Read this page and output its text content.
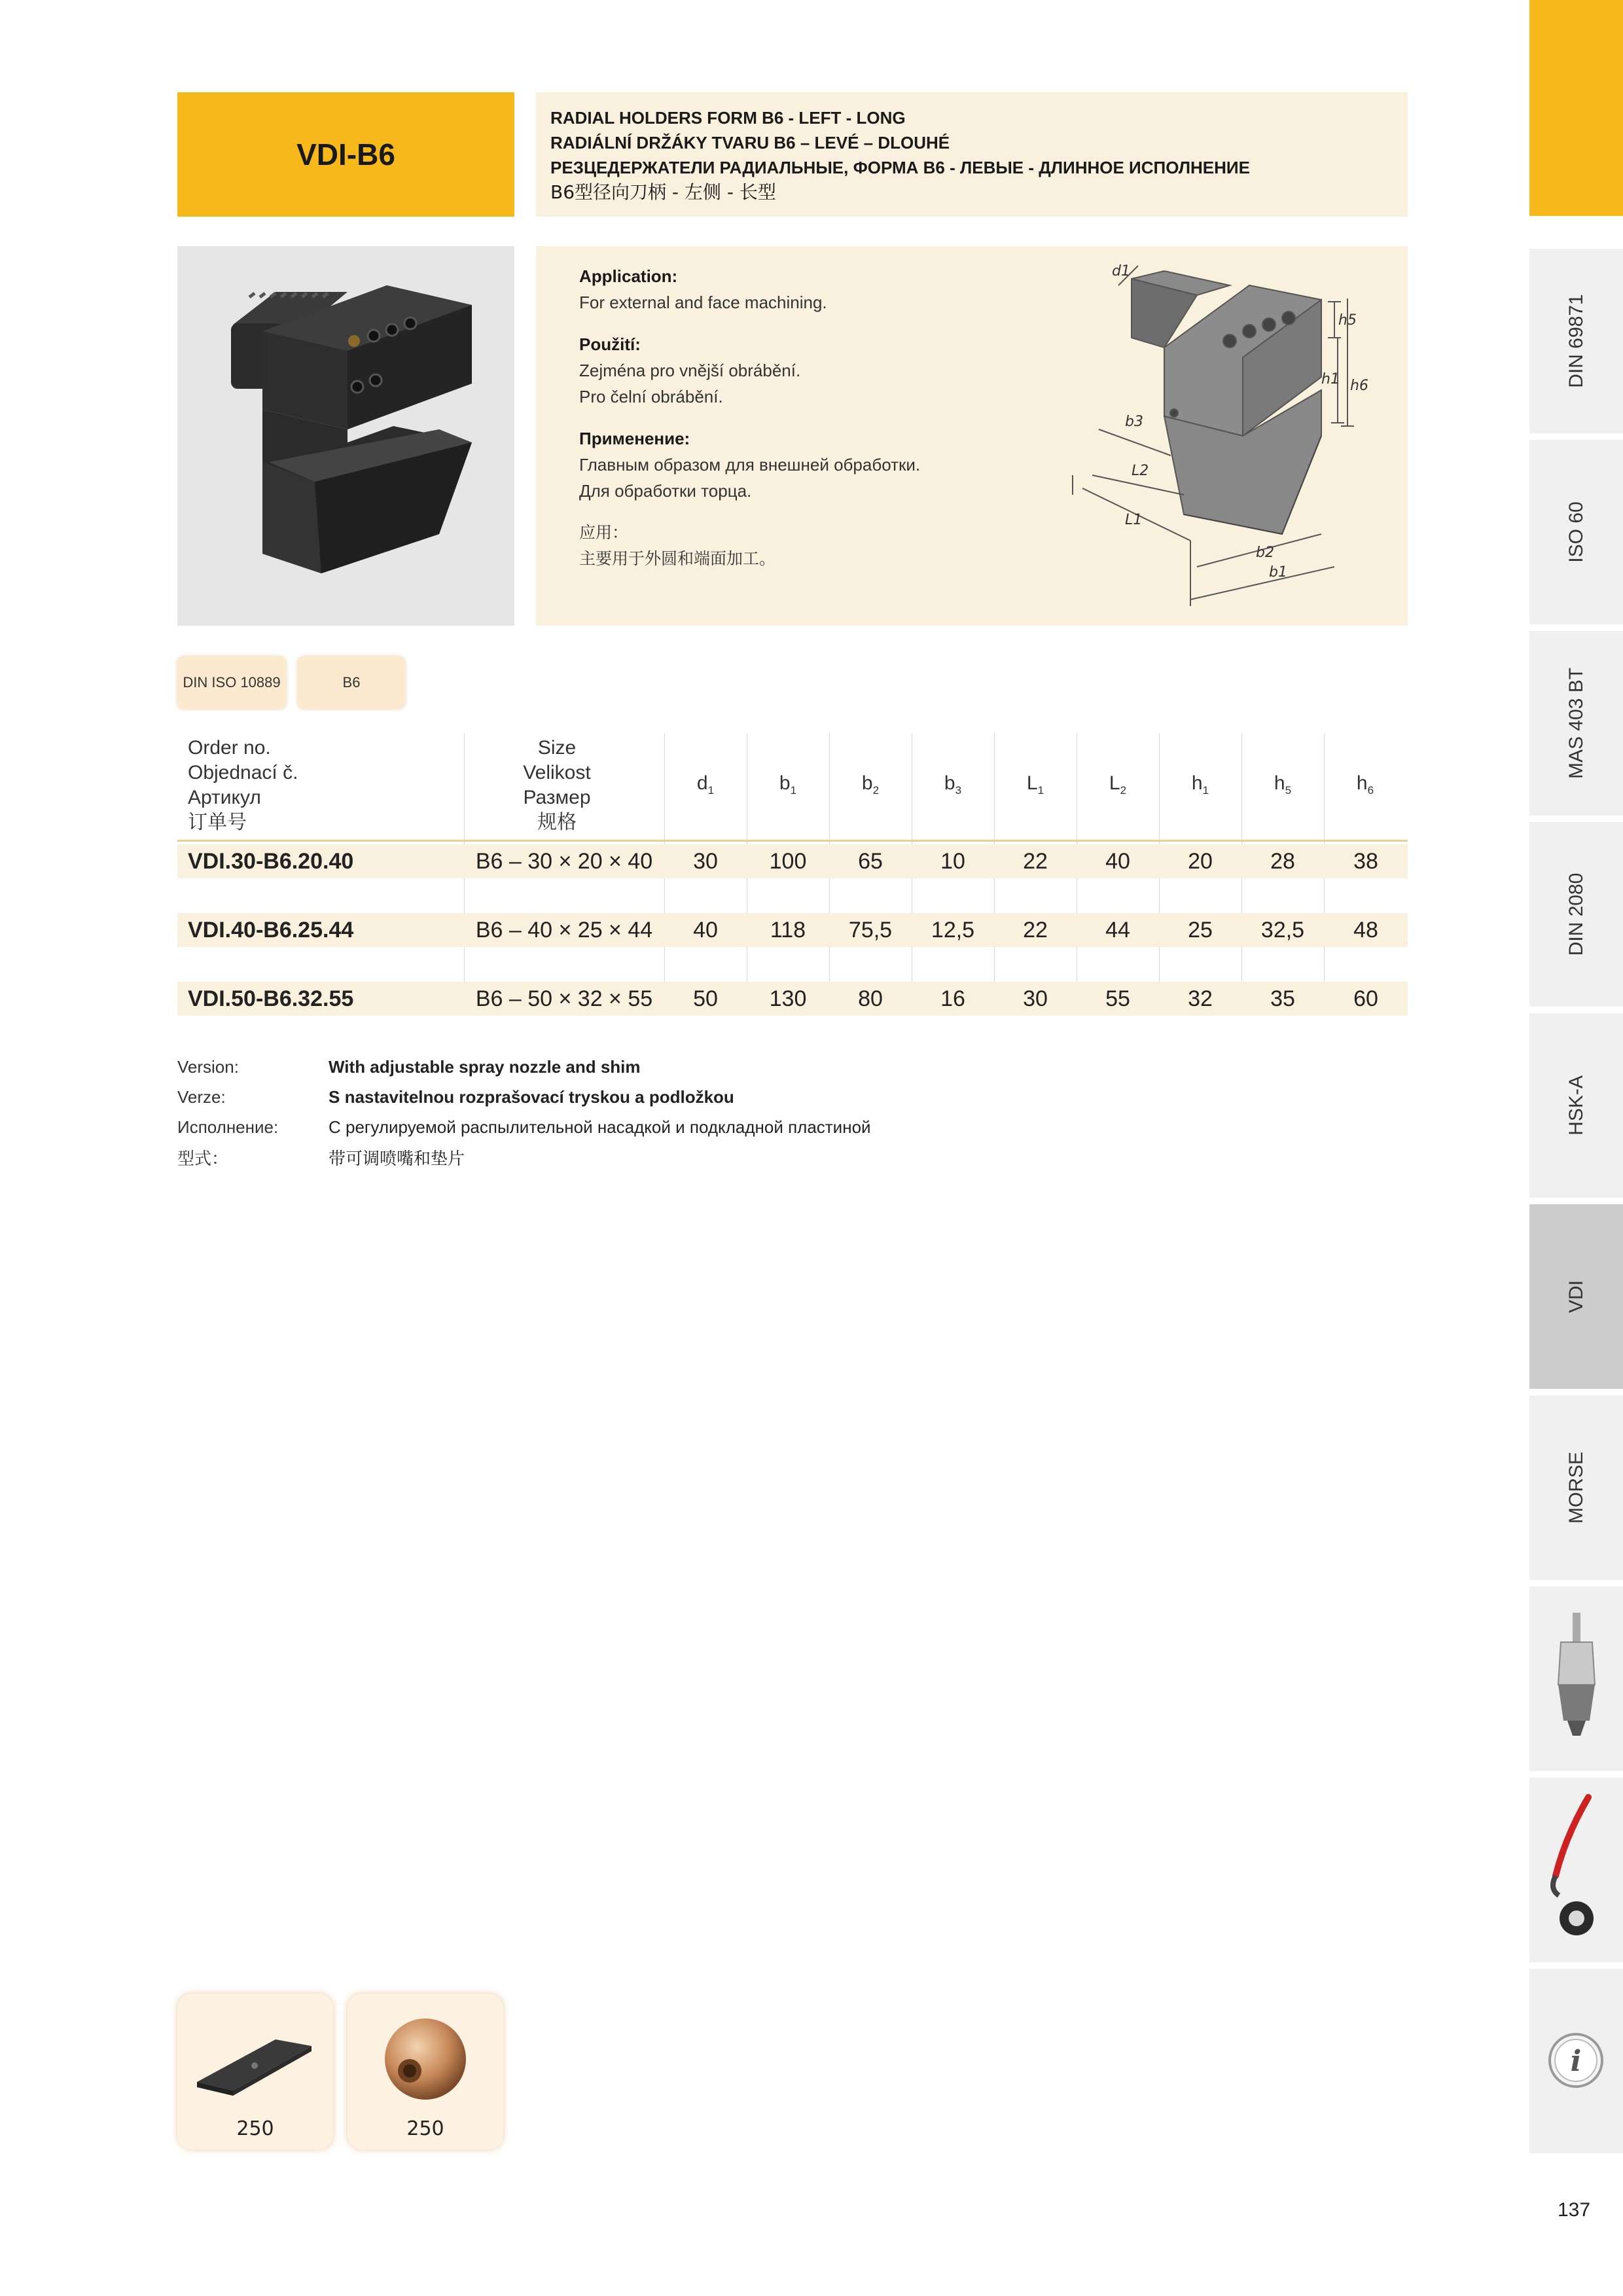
VDI-B6
RADIAL HOLDERS FORM B6 - LEFT - LONG
RADIÁLNÍ DRŽÁKY TVARU B6 – LEVÉ – DLOUHÉ
РЕЗЦЕДЕРЖАТЕЛИ РАДИАЛЬНЫЕ, ФОРМА B6 - ЛЕВЫЕ - ДЛИННОЕ ИСПОЛНЕНИЕ
B6型径向刀柄 - 左侧 - 长型
Application:
For external and face machining.
Použití:
Zejména pro vnější obrábění.
Pro čelní obrábění.
Применение:
Главным образом для внешней обработки.
Для обработки торца.
应用：
主要用于外圆和端面加工。
d1
h5
h1 h6
b3
L2
L1
b2
b1
DIN ISO 10889	B6
Order no.
Objednací č.
Артикул
订单号
Size
Velikost
Размер
规格
$d_1$	$b_1$	$b_2$	$b_3$	$L_1$	$L_2$	$h_1$	$h_5$	$h_6$
VDI.30-B6.20.40	B6 – 30 × 20 × 40	30	100	65	10	22	40	20	28	38
VDI.40-B6.25.44	B6 – 40 × 25 × 44	40	118	75,5	12,5	22	44	25	32,5	48
VDI.50-B6.32.55	B6 – 50 × 32 × 55	50	130	80	16	30	55	32	35	60
Version:	With adjustable spray nozzle and shim
Verze:	S nastavitelnou rozprašovací tryskou a podložkou
Исполнение:	С регулируемой распылительной насадкой и подкладной пластиной
型式：	带可调喷嘴和垫片
250	250
DIN 69871
ISO 60
MAS 403 BT
DIN 2080
HSK-A
VDI
MORSE
i
137
